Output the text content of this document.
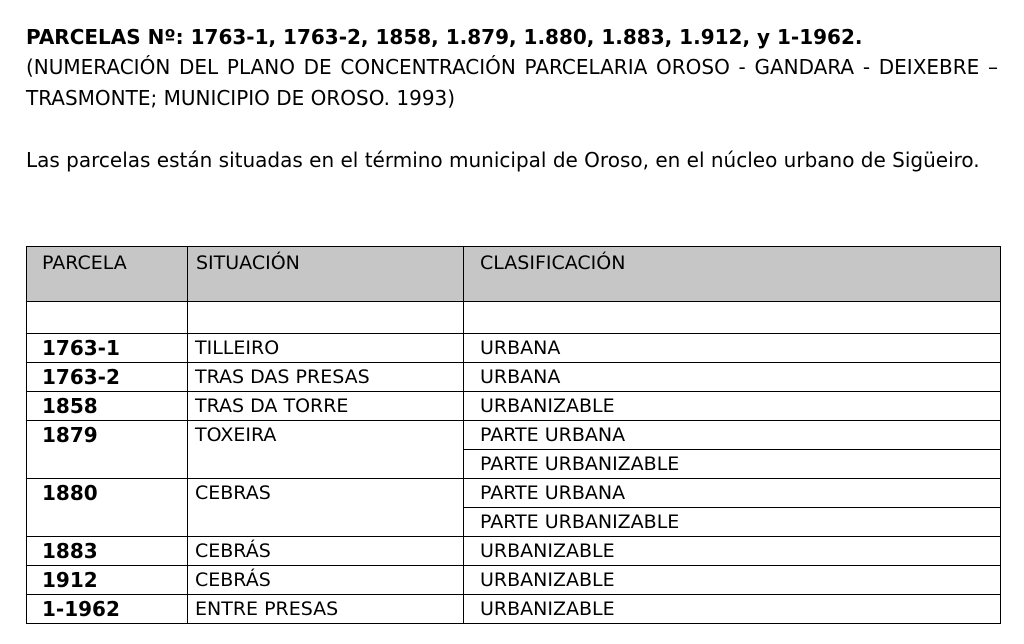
PARCELAS Nº: 1763-1, 1763-2, 1858, 1.879, 1.880, 1.883, 1.912, y 1-1962.
(NUMERACIÓN DEL PLANO DE CONCENTRACIÓN PARCELARIA OROSO - GANDARA - DEIXEBRE – TRASMONTE; MUNICIPIO DE OROSO. 1993)
Las parcelas están situadas en el término municipal de Oroso, en el núcleo urbano de Sigüeiro.
PARCELA	SITUACIÓN	CLASIFICACIÓN

1763-1	TILLEIRO	URBANA
1763-2	TRAS DAS PRESAS	URBANA
1858	TRAS DA TORRE	URBANIZABLE
1879	TOXEIRA	PARTE URBANA
		PARTE URBANIZABLE
1880	CEBRAS	PARTE URBANA
		PARTE URBANIZABLE
1883	CEBRÁS	URBANIZABLE
1912	CEBRÁS	URBANIZABLE
1-1962	ENTRE PRESAS	URBANIZABLE
